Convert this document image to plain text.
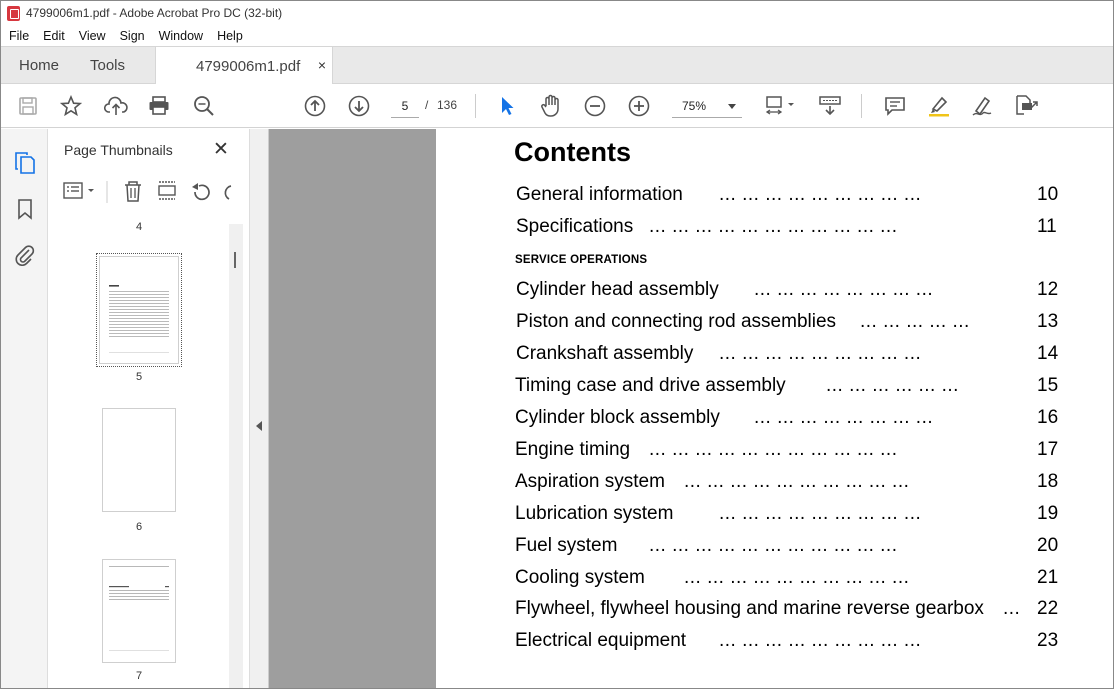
4799006m1.pdf - Adobe Acrobat Pro DC (32-bit)
File Edit View Sign Window Help
Home Tools	4799006m1.pdf ×
5	/ 136	75%
Page Thumbnails ✕
4
5
6
7
Contents
General information ... ... ... ... ... ... ... ... ...	10
Specifications ... ... ... ... ... ... ... ... ... ... ...	11
SERVICE OPERATIONS
Cylinder head assembly ... ... ... ... ... ... ... ...	12
Piston and connecting rod assemblies ... ... ... ... ...	13
Crankshaft assembly ... ... ... ... ... ... ... ... ...	14
Timing case and drive assembly ... ... ... ... ... ...	15
Cylinder block assembly ... ... ... ... ... ... ... ...	16
Engine timing ... ... ... ... ... ... ... ... ... ... ...	17
Aspiration system ... ... ... ... ... ... ... ... ... ...	18
Lubrication system ... ... ... ... ... ... ... ... ...	19
Fuel system ... ... ... ... ... ... ... ... ... ... ...	20
Cooling system ... ... ... ... ... ... ... ... ... ...	21
Flywheel, flywheel housing and marine reverse gearbox ... 22
Electrical equipment ... ... ... ... ... ... ... ... ...	23
